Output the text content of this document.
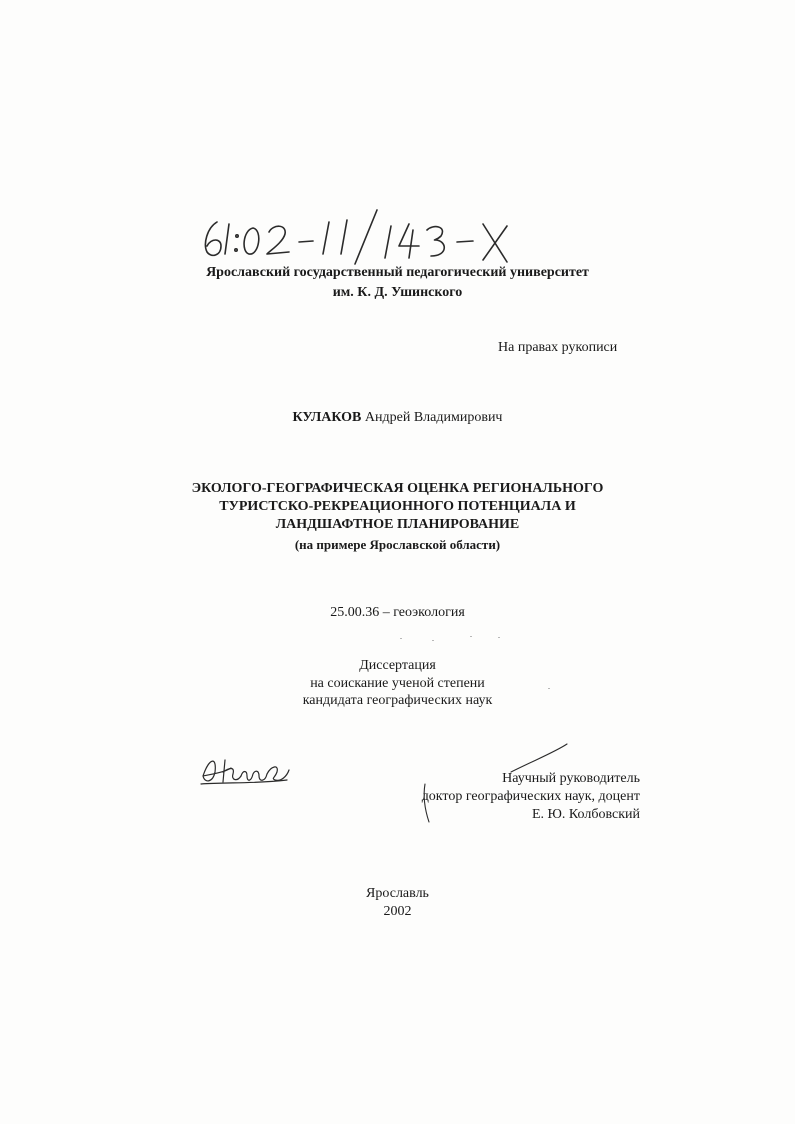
61:02-11/143-X
Ярославский государственный педагогический университет
им. К. Д. Ушинского
На правах рукописи
КУЛАКОВ Андрей Владимирович
ЭКОЛОГО-ГЕОГРАФИЧЕСКАЯ ОЦЕНКА РЕГИОНАЛЬНОГО
ТУРИСТСКО-РЕКРЕАЦИОННОГО ПОТЕНЦИАЛА И
ЛАНДШАФТНОЕ ПЛАНИРОВАНИЕ
(на примере Ярославской области)
25.00.36 – геоэкология
Диссертация
на соискание ученой степени
кандидата географических наук
Научный руководитель
доктор географических наук, доцент
Е. Ю. Колбовский
Ярославль
2002
